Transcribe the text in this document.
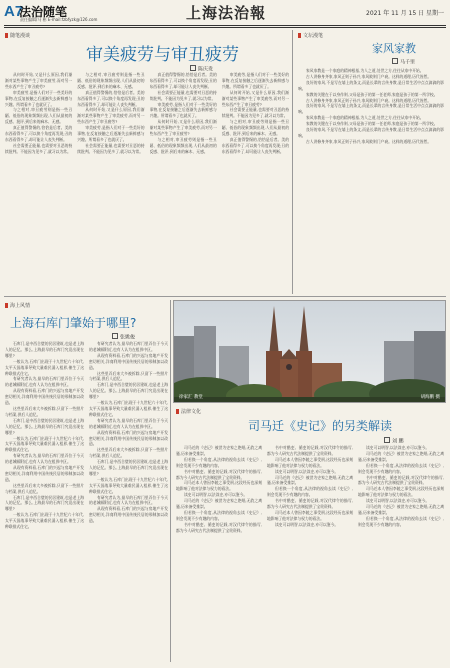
A7
法治随笔
责任编辑/马 彬 E-mail:fzbfyzk@126.com	上海法治報	2021 年 11 月 15 日 星期一
随笔漫谈
审美疲劳与审丑疲劳
陈庆贵

从何时开始,又是什么原因,我们渐渐对某些事物产生了审美疲劳,而对另一些东西产生了审丑疲劳?

审美疲劳,是指人们对于一些美好的事物,在反复接触之后逐渐失去新鲜感与兴趣。所谓看多了也就厌了。

与之相对,审丑疲劳则是指一些丑陋、低俗的现象频频出现,人们从最初的反感、批评,到后来的麻木、无感。

真正值得警惕的,恰恰是后者。美的东西看得多了,可以换个角度再发现;丑的东西看得多了,却可能让人丧失判断。

社会需要正能量,也需要对丑恶的持续批判。不能因为见多了,就习以为常。

与之相对,审丑疲劳则是指一些丑陋、低俗的现象频频出现,人们从最初的反感、批评,到后来的麻木、无感。

真正值得警惕的,恰恰是后者。美的东西看得多了,可以换个角度再发现;丑的东西看得多了,却可能让人丧失判断。

从何时开始,又是什么原因,我们渐渐对某些事物产生了审美疲劳,而对另一些东西产生了审丑疲劳?

审美疲劳,是指人们对于一些美好的事物,在反复接触之后逐渐失去新鲜感与兴趣。所谓看多了也就厌了。

社会需要正能量,也需要对丑恶的持续批判。不能因为见多了,就习以为常。

真正值得警惕的,恰恰是后者。美的东西看得多了,可以换个角度再发现;丑的东西看得多了,却可能让人丧失判断。

社会需要正能量,也需要对丑恶的持续批判。不能因为见多了,就习以为常。

审美疲劳,是指人们对于一些美好的事物,在反复接触之后逐渐失去新鲜感与兴趣。所谓看多了也就厌了。

从何时开始,又是什么原因,我们渐渐对某些事物产生了审美疲劳,而对另一些东西产生了审丑疲劳?

与之相对,审丑疲劳则是指一些丑陋、低俗的现象频频出现,人们从最初的反感、批评,到后来的麻木、无感。

审美疲劳,是指人们对于一些美好的事物,在反复接触之后逐渐失去新鲜感与兴趣。所谓看多了也就厌了。

从何时开始,又是什么原因,我们渐渐对某些事物产生了审美疲劳,而对另一些东西产生了审丑疲劳?

社会需要正能量,也需要对丑恶的持续批判。不能因为见多了,就习以为常。

与之相对,审丑疲劳则是指一些丑陋、低俗的现象频频出现,人们从最初的反感、批评,到后来的麻木、无感。

真正值得警惕的,恰恰是后者。美的东西看得多了,可以换个角度再发现;丑的东西看得多了,却可能让人丧失判断。

文坛漫笔
家风家教
马千里

家风家教是一个家庭的精神根基,为人之道,处世之方,往往从家中开始。

古人讲修身齐家,家风正则子孙兴,家风败则门户衰。这样的道理,历代皆然。

良好的家风,不是写在墙上的条文,而是长辈的言传身教,是日常生活中点点滴滴的影响。

家教的关键在于以身作则,父母是孩子的第一任老师,家庭是孩子的第一所学校。

古人讲修身齐家,家风正则子孙兴,家风败则门户衰。这样的道理,历代皆然。

良好的家风,不是写在墙上的条文,而是长辈的言传身教,是日常生活中点点滴滴的影响。

家风家教是一个家庭的精神根基,为人之道,处世之方,往往从家中开始。

家教的关键在于以身作则,父母是孩子的第一任老师,家庭是孩子的第一所学校。

良好的家风,不是写在墙上的条文,而是长辈的言传身教,是日常生活中点点滴滴的影响。

古人讲修身齐家,家风正则子孙兴,家风败则门户衰。这样的道理,历代皆然。

海上风情
上海石库门肇始于哪里?
张姚俊

石库门,是中西合璧的民居建筑,也是老上海人的记忆。那么,上海最早的石库门究竟出现在哪里?

一般认为,石库门出现于十九世纪六十年代,太平天国战事导致大量难民涌入租界,催生了这种联排式住宅。

有研究者认为,最早的石库门里弄位于今天的老城厢附近,也有人认为在租界中区。

从现有资料看,石库门的兴起与房地产开发密切相关,洋商利用中国传统民居的形制加以改造。

这些里弄后来大多被拆除,只留下一些照片与档案,供后人追忆。

石库门,是中西合璧的民居建筑,也是老上海人的记忆。那么,上海最早的石库门究竟出现在哪里?

一般认为,石库门出现于十九世纪六十年代,太平天国战事导致大量难民涌入租界,催生了这种联排式住宅。

有研究者认为,最早的石库门里弄位于今天的老城厢附近,也有人认为在租界中区。

从现有资料看,石库门的兴起与房地产开发密切相关,洋商利用中国传统民居的形制加以改造。

这些里弄后来大多被拆除,只留下一些照片与档案,供后人追忆。

石库门,是中西合璧的民居建筑,也是老上海人的记忆。那么,上海最早的石库门究竟出现在哪里?

一般认为,石库门出现于十九世纪六十年代,太平天国战事导致大量难民涌入租界,催生了这种联排式住宅。

有研究者认为,最早的石库门里弄位于今天的老城厢附近,也有人认为在租界中区。

从现有资料看,石库门的兴起与房地产开发密切相关,洋商利用中国传统民居的形制加以改造。

这些里弄后来大多被拆除,只留下一些照片与档案,供后人追忆。

石库门,是中西合璧的民居建筑,也是老上海人的记忆。那么,上海最早的石库门究竟出现在哪里?

一般认为,石库门出现于十九世纪六十年代,太平天国战事导致大量难民涌入租界,催生了这种联排式住宅。

有研究者认为,最早的石库门里弄位于今天的老城厢附近,也有人认为在租界中区。

从现有资料看,石库门的兴起与房地产开发密切相关,洋商利用中国传统民居的形制加以改造。

这些里弄后来大多被拆除,只留下一些照片与档案,供后人追忆。

石库门,是中西合璧的民居建筑,也是老上海人的记忆。那么,上海最早的石库门究竟出现在哪里?

一般认为,石库门出现于十九世纪六十年代,太平天国战事导致大量难民涌入租界,催生了这种联排式住宅。

有研究者认为,最早的石库门里弄位于今天的老城厢附近,也有人认为在租界中区。

从现有资料看,石库门的兴起与房地产开发密切相关,洋商利用中国传统民居的形制加以改造。

徐家汇 教堂	胡海鹏 摄
法律文化
司马迁《史记》的另类解读
刘 鹏

司马迁的《史记》被誉为史家之绝唱,无韵之离骚,历来备受推崇。

但若换一个角度,从法律的视角去读《史记》,则会发现不少有趣的内容。

书中对酷吏、循吏的记载,对汉代律令的描写,都为今人研究古代法制提供了宝贵资料。

司马迁本人曾因李陵之事受刑,这段经历也深刻地影响了他对法律与权力的看法。

读史可以明智,以法读史,亦可以鉴今。

司马迁的《史记》被誉为史家之绝唱,无韵之离骚,历来备受推崇。

但若换一个角度,从法律的视角去读《史记》,则会发现不少有趣的内容。

书中对酷吏、循吏的记载,对汉代律令的描写,都为今人研究古代法制提供了宝贵资料。

书中对酷吏、循吏的记载,对汉代律令的描写,都为今人研究古代法制提供了宝贵资料。

司马迁本人曾因李陵之事受刑,这段经历也深刻地影响了他对法律与权力的看法。

读史可以明智,以法读史,亦可以鉴今。

司马迁的《史记》被誉为史家之绝唱,无韵之离骚,历来备受推崇。

但若换一个角度,从法律的视角去读《史记》,则会发现不少有趣的内容。

书中对酷吏、循吏的记载,对汉代律令的描写,都为今人研究古代法制提供了宝贵资料。

司马迁本人曾因李陵之事受刑,这段经历也深刻地影响了他对法律与权力的看法。

读史可以明智,以法读史,亦可以鉴今。

读史可以明智,以法读史,亦可以鉴今。

司马迁的《史记》被誉为史家之绝唱,无韵之离骚,历来备受推崇。

但若换一个角度,从法律的视角去读《史记》,则会发现不少有趣的内容。

书中对酷吏、循吏的记载,对汉代律令的描写,都为今人研究古代法制提供了宝贵资料。

司马迁本人曾因李陵之事受刑,这段经历也深刻地影响了他对法律与权力的看法。

读史可以明智,以法读史,亦可以鉴今。

司马迁的《史记》被誉为史家之绝唱,无韵之离骚,历来备受推崇。

但若换一个角度,从法律的视角去读《史记》,则会发现不少有趣的内容。
